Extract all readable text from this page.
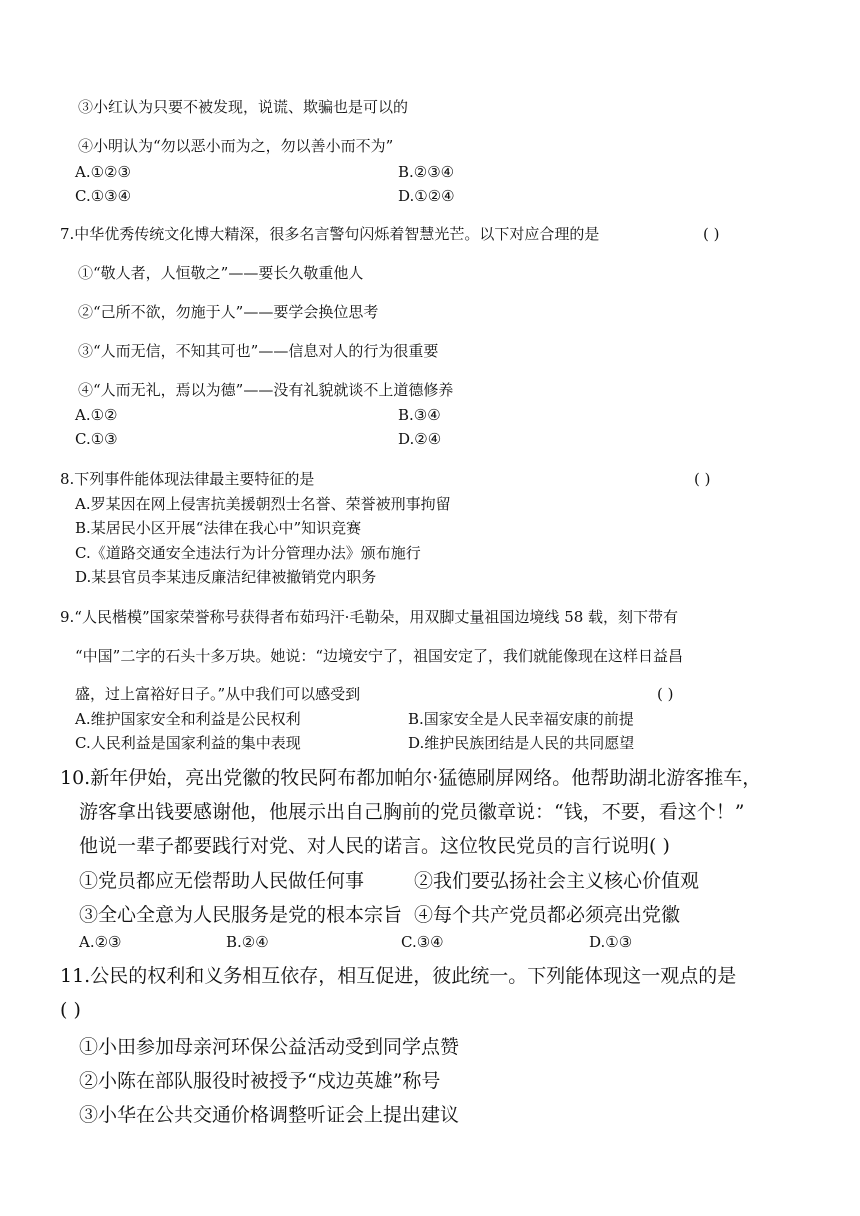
③小红认为只要不被发现，说谎、欺骗也是可以的
④小明认为“勿以恶小而为之，勿以善小而不为”
A.①②③	B.②③④
C.①③④	D.①②④
7.中华优秀传统文化博大精深，很多名言警句闪烁着智慧光芒。以下对应合理的是	( )
①“敬人者，人恒敬之”——要长久敬重他人
②“己所不欲，勿施于人”——要学会换位思考
③“人而无信，不知其可也”——信息对人的行为很重要
④“人而无礼，焉以为德”——没有礼貌就谈不上道德修养
A.①②	B.③④
C.①③	D.②④
8.下列事件能体现法律最主要特征的是	( )
A.罗某因在网上侵害抗美援朝烈士名誉、荣誉被刑事拘留
B.某居民小区开展“法律在我心中”知识竞赛
C.《道路交通安全违法行为计分管理办法》颁布施行
D.某县官员李某违反廉洁纪律被撤销党内职务
9.“人民楷模”国家荣誉称号获得者布茹玛汗·毛勒朵，用双脚丈量祖国边境线 58 载，刻下带有
“中国”二字的石头十多万块。她说：“边境安宁了，祖国安定了，我们就能像现在这样日益昌
盛，过上富裕好日子。”从中我们可以感受到	( )
A.维护国家安全和利益是公民权利	B.国家安全是人民幸福安康的前提
C.人民利益是国家利益的集中表现	D.维护民族团结是人民的共同愿望
10.新年伊始，亮出党徽的牧民阿布都加帕尔·猛德刷屏网络。他帮助湖北游客推车，
游客拿出钱要感谢他，他展示出自己胸前的党员徽章说：“钱，不要，看这个！”
他说一辈子都要践行对党、对人民的诺言。这位牧民党员的言行说明( )
①党员都应无偿帮助人民做任何事	②我们要弘扬社会主义核心价值观
③全心全意为人民服务是党的根本宗旨 ④每个共产党员都必须亮出党徽
A.②③	B.②④	C.③④	D.①③
11.公民的权利和义务相互依存，相互促进，彼此统一。下列能体现这一观点的是
( )
①小田参加母亲河环保公益活动受到同学点赞
②小陈在部队服役时被授予“戍边英雄”称号
③小华在公共交通价格调整听证会上提出建议
